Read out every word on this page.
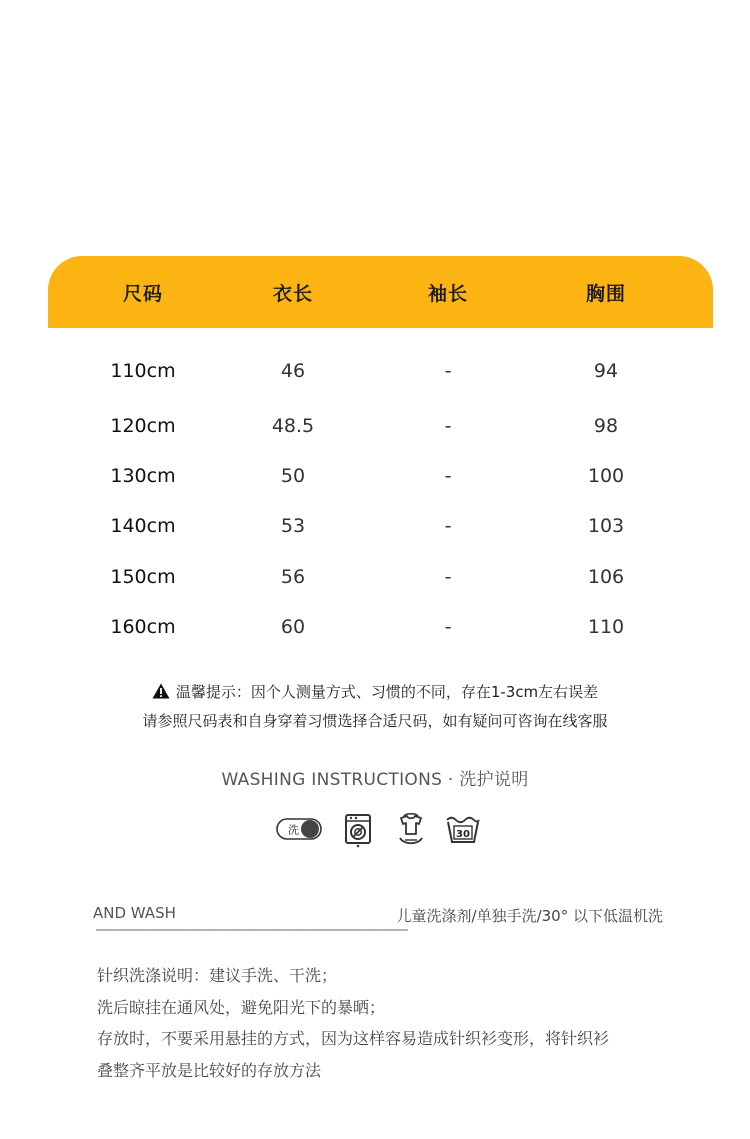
尺码	衣长	袖长	胸围
110cm	46	-	94
120cm	48.5	-	98
130cm	50	-	100
140cm	53	-	103
150cm	56	-	106
160cm	60	-	110
温馨提示：因个人测量方式、习惯的不同，存在1-3cm左右误差
请参照尺码表和自身穿着习惯选择合适尺码，如有疑问可咨询在线客服
WASHING INSTRUCTIONS · 洗护说明
洗	30
AND WASH	儿童洗涤剂/单独手洗/30° 以下低温机洗
—————————————————————————————————————
针织洗涤说明：建议手洗、干洗；
洗后晾挂在通风处，避免阳光下的暴晒；
存放时，不要采用悬挂的方式，因为这样容易造成针织衫变形，将针织衫
叠整齐平放是比较好的存放方法
